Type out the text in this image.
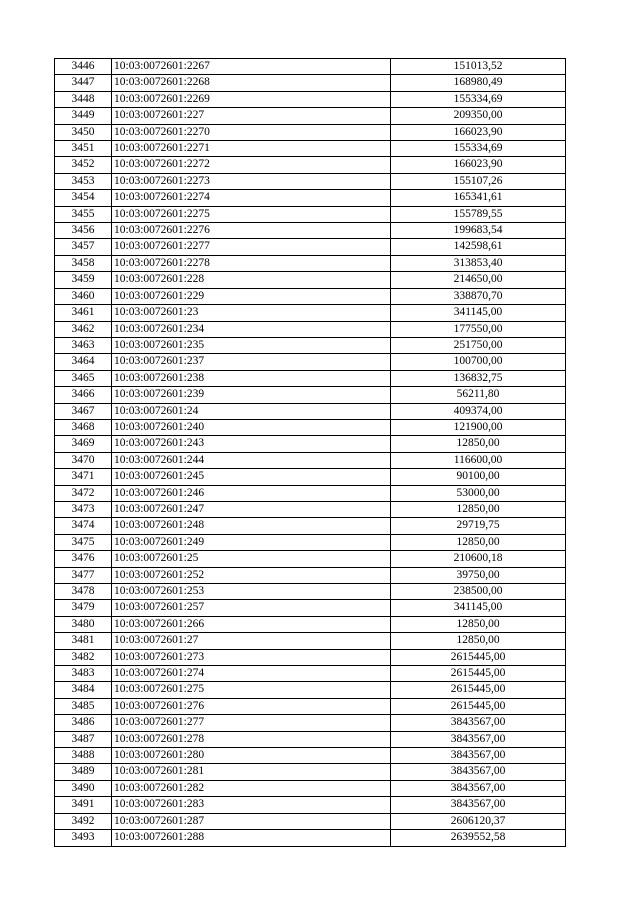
3446	10:03:0072601:2267	151013,52
3447	10:03:0072601:2268	168980,49
3448	10:03:0072601:2269	155334,69
3449	10:03:0072601:227	209350,00
3450	10:03:0072601:2270	166023,90
3451	10:03:0072601:2271	155334,69
3452	10:03:0072601:2272	166023,90
3453	10:03:0072601:2273	155107,26
3454	10:03:0072601:2274	165341,61
3455	10:03:0072601:2275	155789,55
3456	10:03:0072601:2276	199683,54
3457	10:03:0072601:2277	142598,61
3458	10:03:0072601:2278	313853,40
3459	10:03:0072601:228	214650,00
3460	10:03:0072601:229	338870,70
3461	10:03:0072601:23	341145,00
3462	10:03:0072601:234	177550,00
3463	10:03:0072601:235	251750,00
3464	10:03:0072601:237	100700,00
3465	10:03:0072601:238	136832,75
3466	10:03:0072601:239	56211,80
3467	10:03:0072601:24	409374,00
3468	10:03:0072601:240	121900,00
3469	10:03:0072601:243	12850,00
3470	10:03:0072601:244	116600,00
3471	10:03:0072601:245	90100,00
3472	10:03:0072601:246	53000,00
3473	10:03:0072601:247	12850,00
3474	10:03:0072601:248	29719,75
3475	10:03:0072601:249	12850,00
3476	10:03:0072601:25	210600,18
3477	10:03:0072601:252	39750,00
3478	10:03:0072601:253	238500,00
3479	10:03:0072601:257	341145,00
3480	10:03:0072601:266	12850,00
3481	10:03:0072601:27	12850,00
3482	10:03:0072601:273	2615445,00
3483	10:03:0072601:274	2615445,00
3484	10:03:0072601:275	2615445,00
3485	10:03:0072601:276	2615445,00
3486	10:03:0072601:277	3843567,00
3487	10:03:0072601:278	3843567,00
3488	10:03:0072601:280	3843567,00
3489	10:03:0072601:281	3843567,00
3490	10:03:0072601:282	3843567,00
3491	10:03:0072601:283	3843567,00
3492	10:03:0072601:287	2606120,37
3493	10:03:0072601:288	2639552,58
